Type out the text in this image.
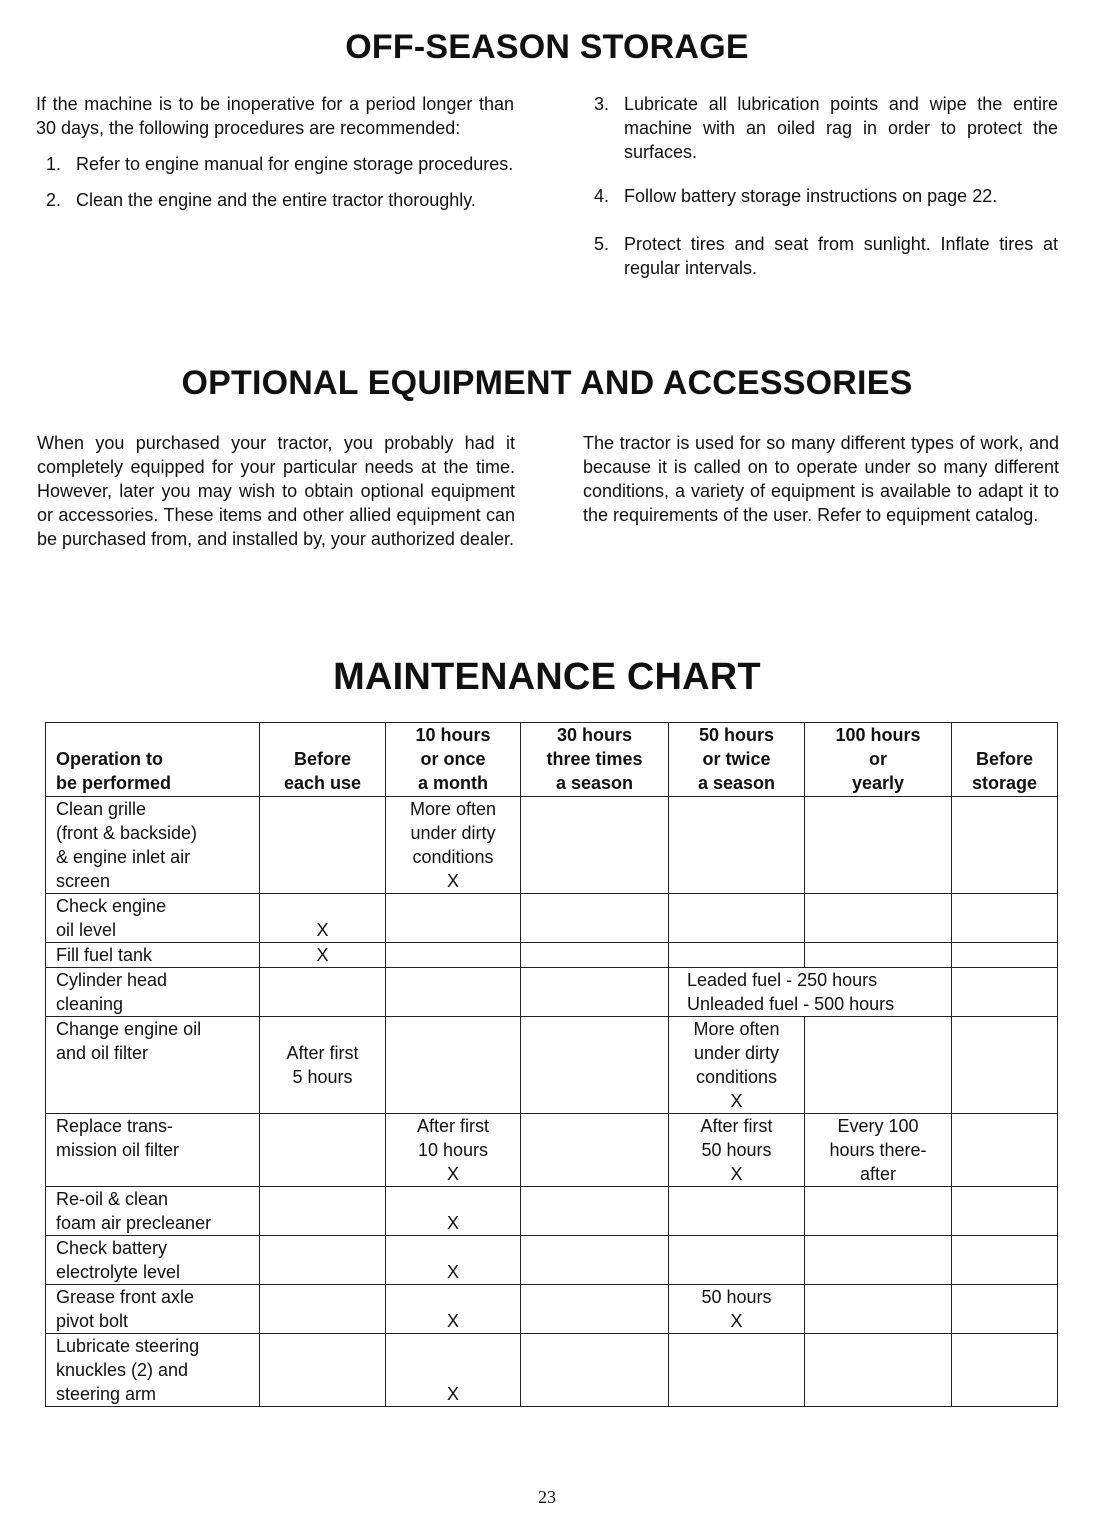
OFF-SEASON STORAGE
If the machine is to be inoperative for a period longer than 30 days, the following procedures are recommended:
1. Refer to engine manual for engine storage procedures.
2. Clean the engine and the entire tractor thoroughly.
3. Lubricate all lubrication points and wipe the entire machine with an oiled rag in order to protect the surfaces.
4. Follow battery storage instructions on page 22.
5. Protect tires and seat from sunlight. Inflate tires at regular intervals.
OPTIONAL EQUIPMENT AND ACCESSORIES
When you purchased your tractor, you probably had it completely equipped for your particular needs at the time. However, later you may wish to obtain optional equipment or accessories. These items and other allied equipment can be purchased from, and installed by, your authorized dealer.
The tractor is used for so many different types of work, and because it is called on to operate under so many different conditions, a variety of equipment is available to adapt it to the requirements of the user. Refer to equipment catalog.
MAINTENANCE CHART
Operation to
be performed	Before
each use	10 hours
or once
a month	30 hours
three times
a season	50 hours
or twice
a season	100 hours
or
yearly	Before
storage

Clean grille
(front & backside)
& engine inlet air
screen		More often
under dirty
conditions
X				

Check engine
oil level	X					

Fill fuel tank	X					

Cylinder head
cleaning				Leaded fuel - 250 hours
Unleaded fuel - 500 hours		

Change engine oil
and oil filter	After first
5 hours			More often
under dirty
conditions
X		

Replace trans-
mission oil filter		After first
10 hours
X		After first
50 hours
X	Every 100
hours there-
after	

Re-oil & clean
foam air precleaner		X				

Check battery
electrolyte level		X				

Grease front axle
pivot bolt		X		50 hours
X		

Lubricate steering
knuckles (2) and
steering arm		X				

23
